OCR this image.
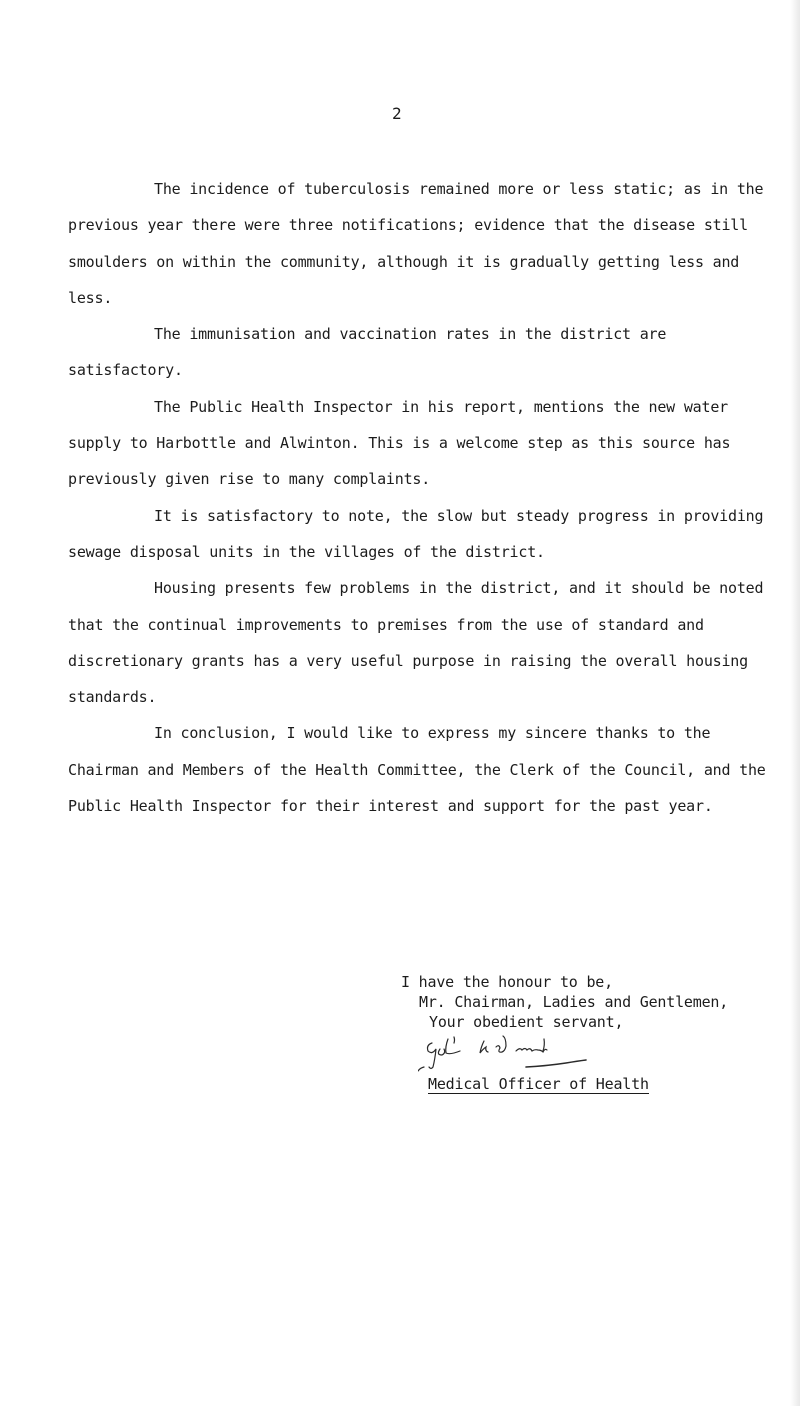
2

The incidence of tuberculosis remained more or less static; as in the previous year there were three notifications; evidence that the disease still smoulders on within the community, although it is gradually getting less and less.

The immunisation and vaccination rates in the district are satisfactory.

The Public Health Inspector in his report, mentions the new water supply to Harbottle and Alwinton. This is a welcome step as this source has previously given rise to many complaints.

It is satisfactory to note, the slow but steady progress in providing sewage disposal units in the villages of the district.

Housing presents few problems in the district, and it should be noted that the continual improvements to premises from the use of standard and discretionary grants has a very useful purpose in raising the overall housing standards.

In conclusion, I would like to express my sincere thanks to the Chairman and Members of the Health Committee, the Clerk of the Council, and the Public Health Inspector for their interest and support for the past year.

I have the honour to be,
Mr. Chairman, Ladies and Gentlemen,
Your obedient servant,
Medical Officer of Health
